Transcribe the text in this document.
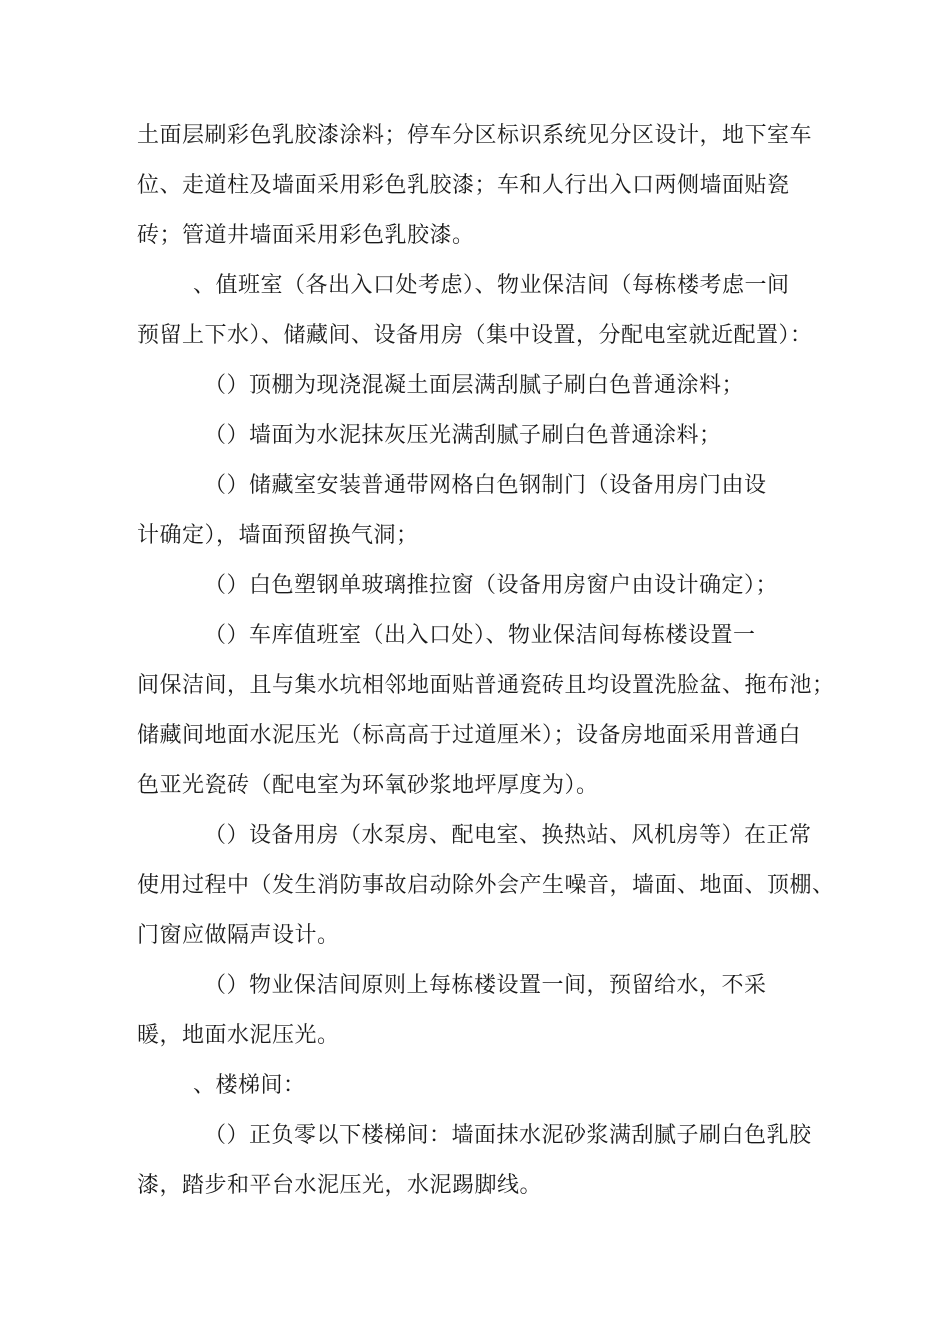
土面层刷彩色乳胶漆涂料；停车分区标识系统见分区设计，地下室车
位、走道柱及墙面采用彩色乳胶漆；车和人行出入口两侧墙面贴瓷
砖；管道井墙面采用彩色乳胶漆。
、值班室（各出入口处考虑）、物业保洁间（每栋楼考虑一间
预留上下水）、储藏间、设备用房（集中设置，分配电室就近配置）：
（）顶棚为现浇混凝土面层满刮腻子刷白色普通涂料；
（）墙面为水泥抹灰压光满刮腻子刷白色普通涂料；
（）储藏室安装普通带网格白色钢制门（设备用房门由设
计确定），墙面预留换气洞；
（）白色塑钢单玻璃推拉窗（设备用房窗户由设计确定）；
（）车库值班室（出入口处）、物业保洁间每栋楼设置一
间保洁间，且与集水坑相邻地面贴普通瓷砖且均设置洗脸盆、拖布池；
储藏间地面水泥压光（标高高于过道厘米）；设备房地面采用普通白
色亚光瓷砖（配电室为环氧砂浆地坪厚度为）。
（）设备用房（水泵房、配电室、换热站、风机房等）在正常
使用过程中（发生消防事故启动除外会产生噪音，墙面、地面、顶棚、
门窗应做隔声设计。
（）物业保洁间原则上每栋楼设置一间，预留给水，不采
暖，地面水泥压光。
、楼梯间：
（）正负零以下楼梯间：墙面抹水泥砂浆满刮腻子刷白色乳胶
漆，踏步和平台水泥压光，水泥踢脚线。
